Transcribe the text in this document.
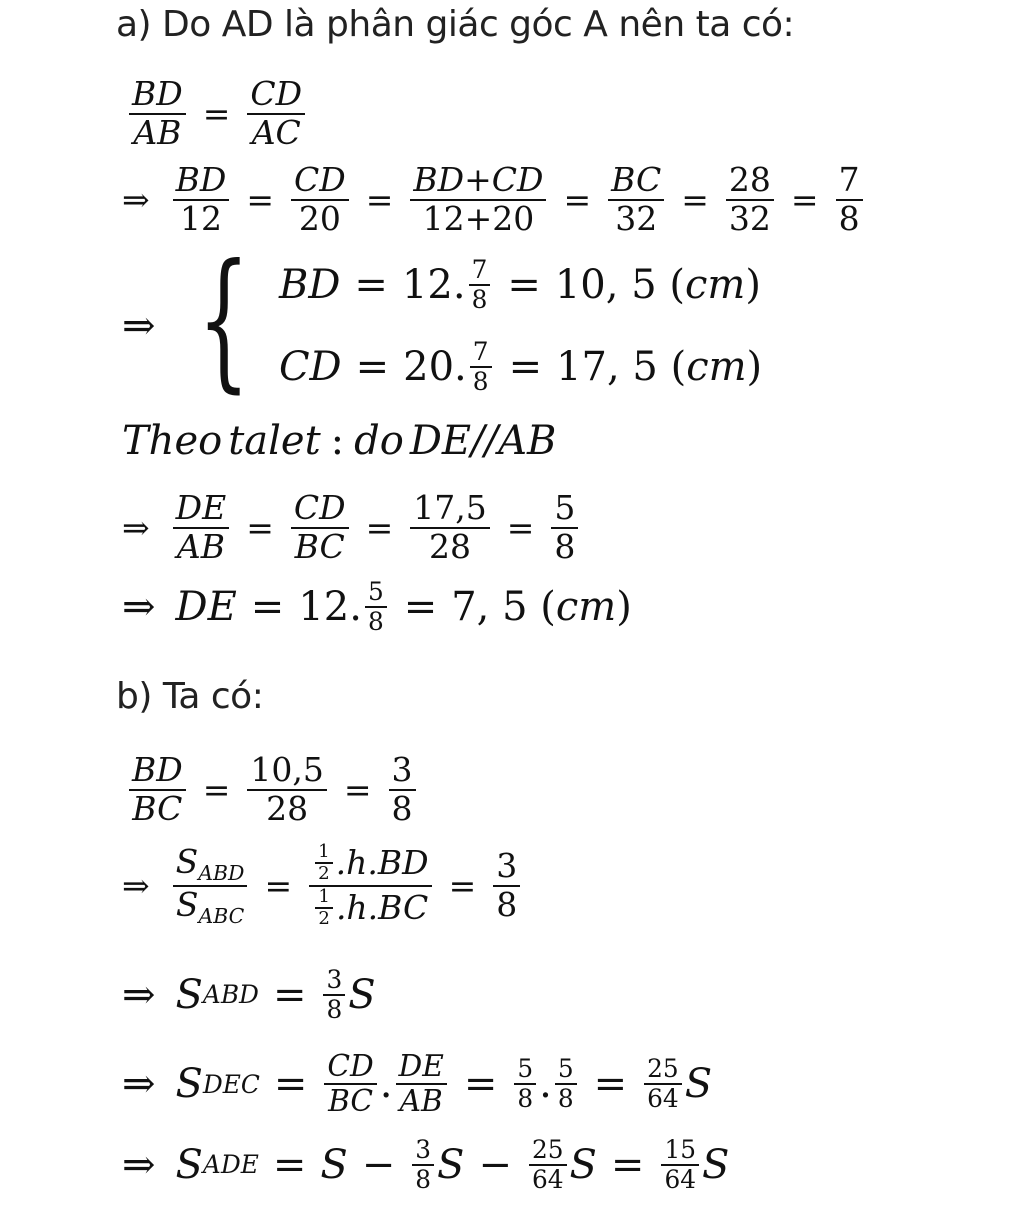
a) Do AD là phân giác góc A nên ta có:
$\frac{BD}{AB} = \frac{CD}{AC}$
⇒ $\frac{BD}{12} = \frac{CD}{20} = \frac{BD+CD}{12+20} = \frac{BC}{32} = \frac{28}{32} = \frac{7}{8}$
⇒ { BD = 12. $\frac{7}{8} = 10$, 5 ( cm )
CD = 20. $\frac{7}{8} = 17$, 5 ( cm )
Theo talet : do DE//AB
⇒ $\frac{DE}{AB} = \frac{CD}{BC} = \frac{17,5}{28} = \frac{5}{8}$
⇒ DE = 12. $\frac{5}{8} = 7$, 5 ( cm )
b) Ta có:
$\frac{BD}{BC} = \frac{10,5}{28} = \frac{3}{8}$
⇒ $\frac{S_{ABD}}{S_{ABC}} = \frac{\frac{1}{2} .h.BD}{\frac{1}{2} .h.BC} = \frac{3}{8}$
⇒ S ABD = $\frac{3}{8}$ S
⇒ S DEC = $\frac{CD}{BC}$ . $\frac{DE}{AB} = \frac{5}{8}$ . $\frac{5}{8} = \frac{25}{64}$ S
⇒ S ADE = $S - \frac{3}{8}$ $S - \frac{25}{64}$ $S = \frac{15}{64}$ S
